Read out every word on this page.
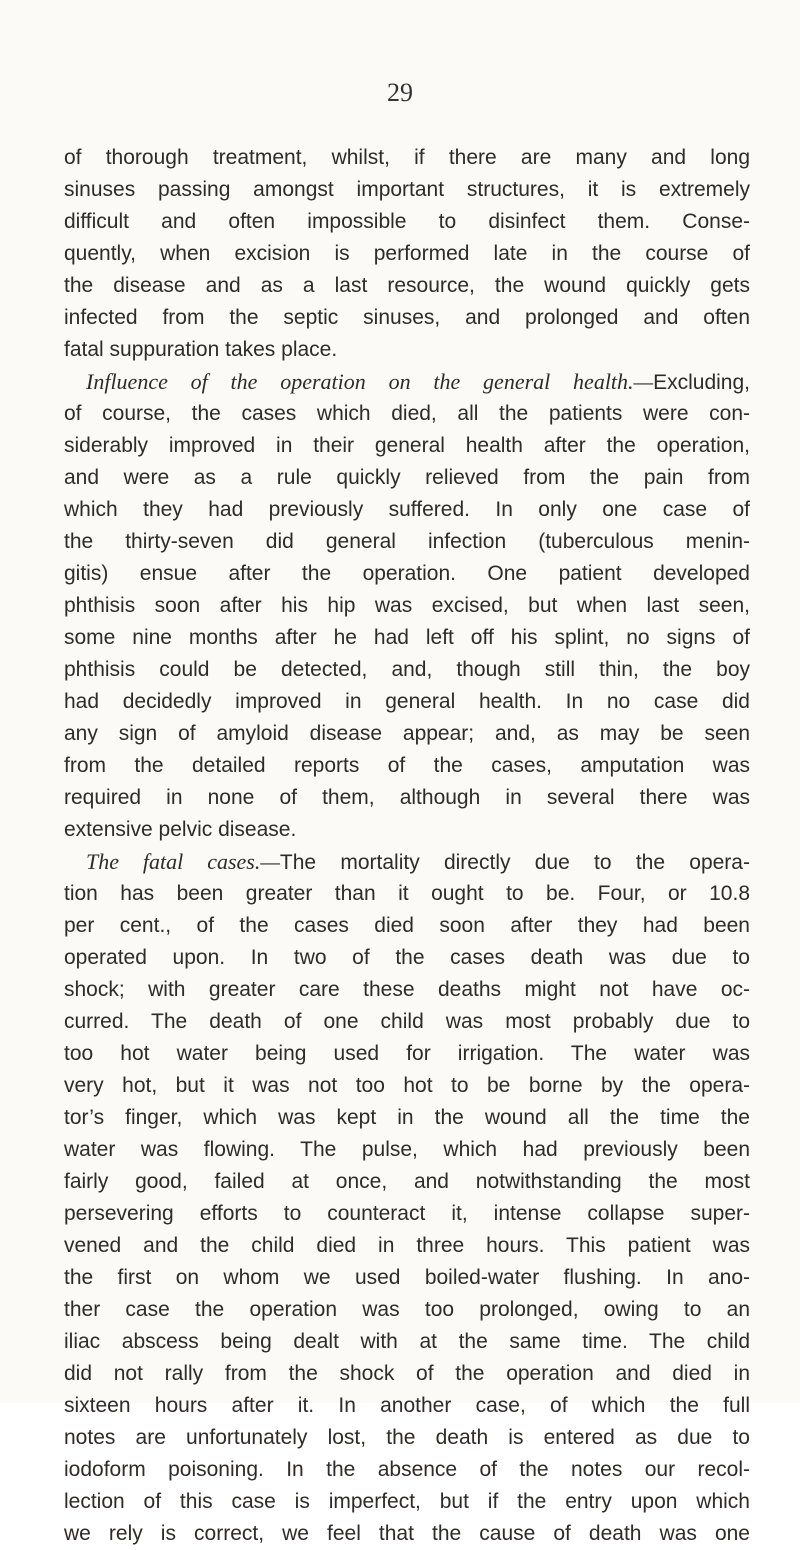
29
of thorough treatment, whilst, if there are many and long
sinuses passing amongst important structures, it is extremely
difficult and often impossible to disinfect them. Conse-
quently, when excision is performed late in the course of
the disease and as a last resource, the wound quickly gets
infected from the septic sinuses, and prolonged and often
fatal suppuration takes place.
Influence of the operation on the general health.—Excluding,
of course, the cases which died, all the patients were con-
siderably improved in their general health after the operation,
and were as a rule quickly relieved from the pain from
which they had previously suffered. In only one case of
the thirty-seven did general infection (tuberculous menin-
gitis) ensue after the operation. One patient developed
phthisis soon after his hip was excised, but when last seen,
some nine months after he had left off his splint, no signs of
phthisis could be detected, and, though still thin, the boy
had decidedly improved in general health. In no case did
any sign of amyloid disease appear; and, as may be seen
from the detailed reports of the cases, amputation was
required in none of them, although in several there was
extensive pelvic disease.
The fatal cases.—The mortality directly due to the opera-
tion has been greater than it ought to be. Four, or 10.8
per cent., of the cases died soon after they had been
operated upon. In two of the cases death was due to
shock; with greater care these deaths might not have oc-
curred. The death of one child was most probably due to
too hot water being used for irrigation. The water was
very hot, but it was not too hot to be borne by the opera-
tor’s finger, which was kept in the wound all the time the
water was flowing. The pulse, which had previously been
fairly good, failed at once, and notwithstanding the most
persevering efforts to counteract it, intense collapse super-
vened and the child died in three hours. This patient was
the first on whom we used boiled-water flushing. In ano-
ther case the operation was too prolonged, owing to an
iliac abscess being dealt with at the same time. The child
did not rally from the shock of the operation and died in
sixteen hours after it. In another case, of which the full
notes are unfortunately lost, the death is entered as due to
iodoform poisoning. In the absence of the notes our recol-
lection of this case is imperfect, but if the entry upon which
we rely is correct, we feel that the cause of death was one
